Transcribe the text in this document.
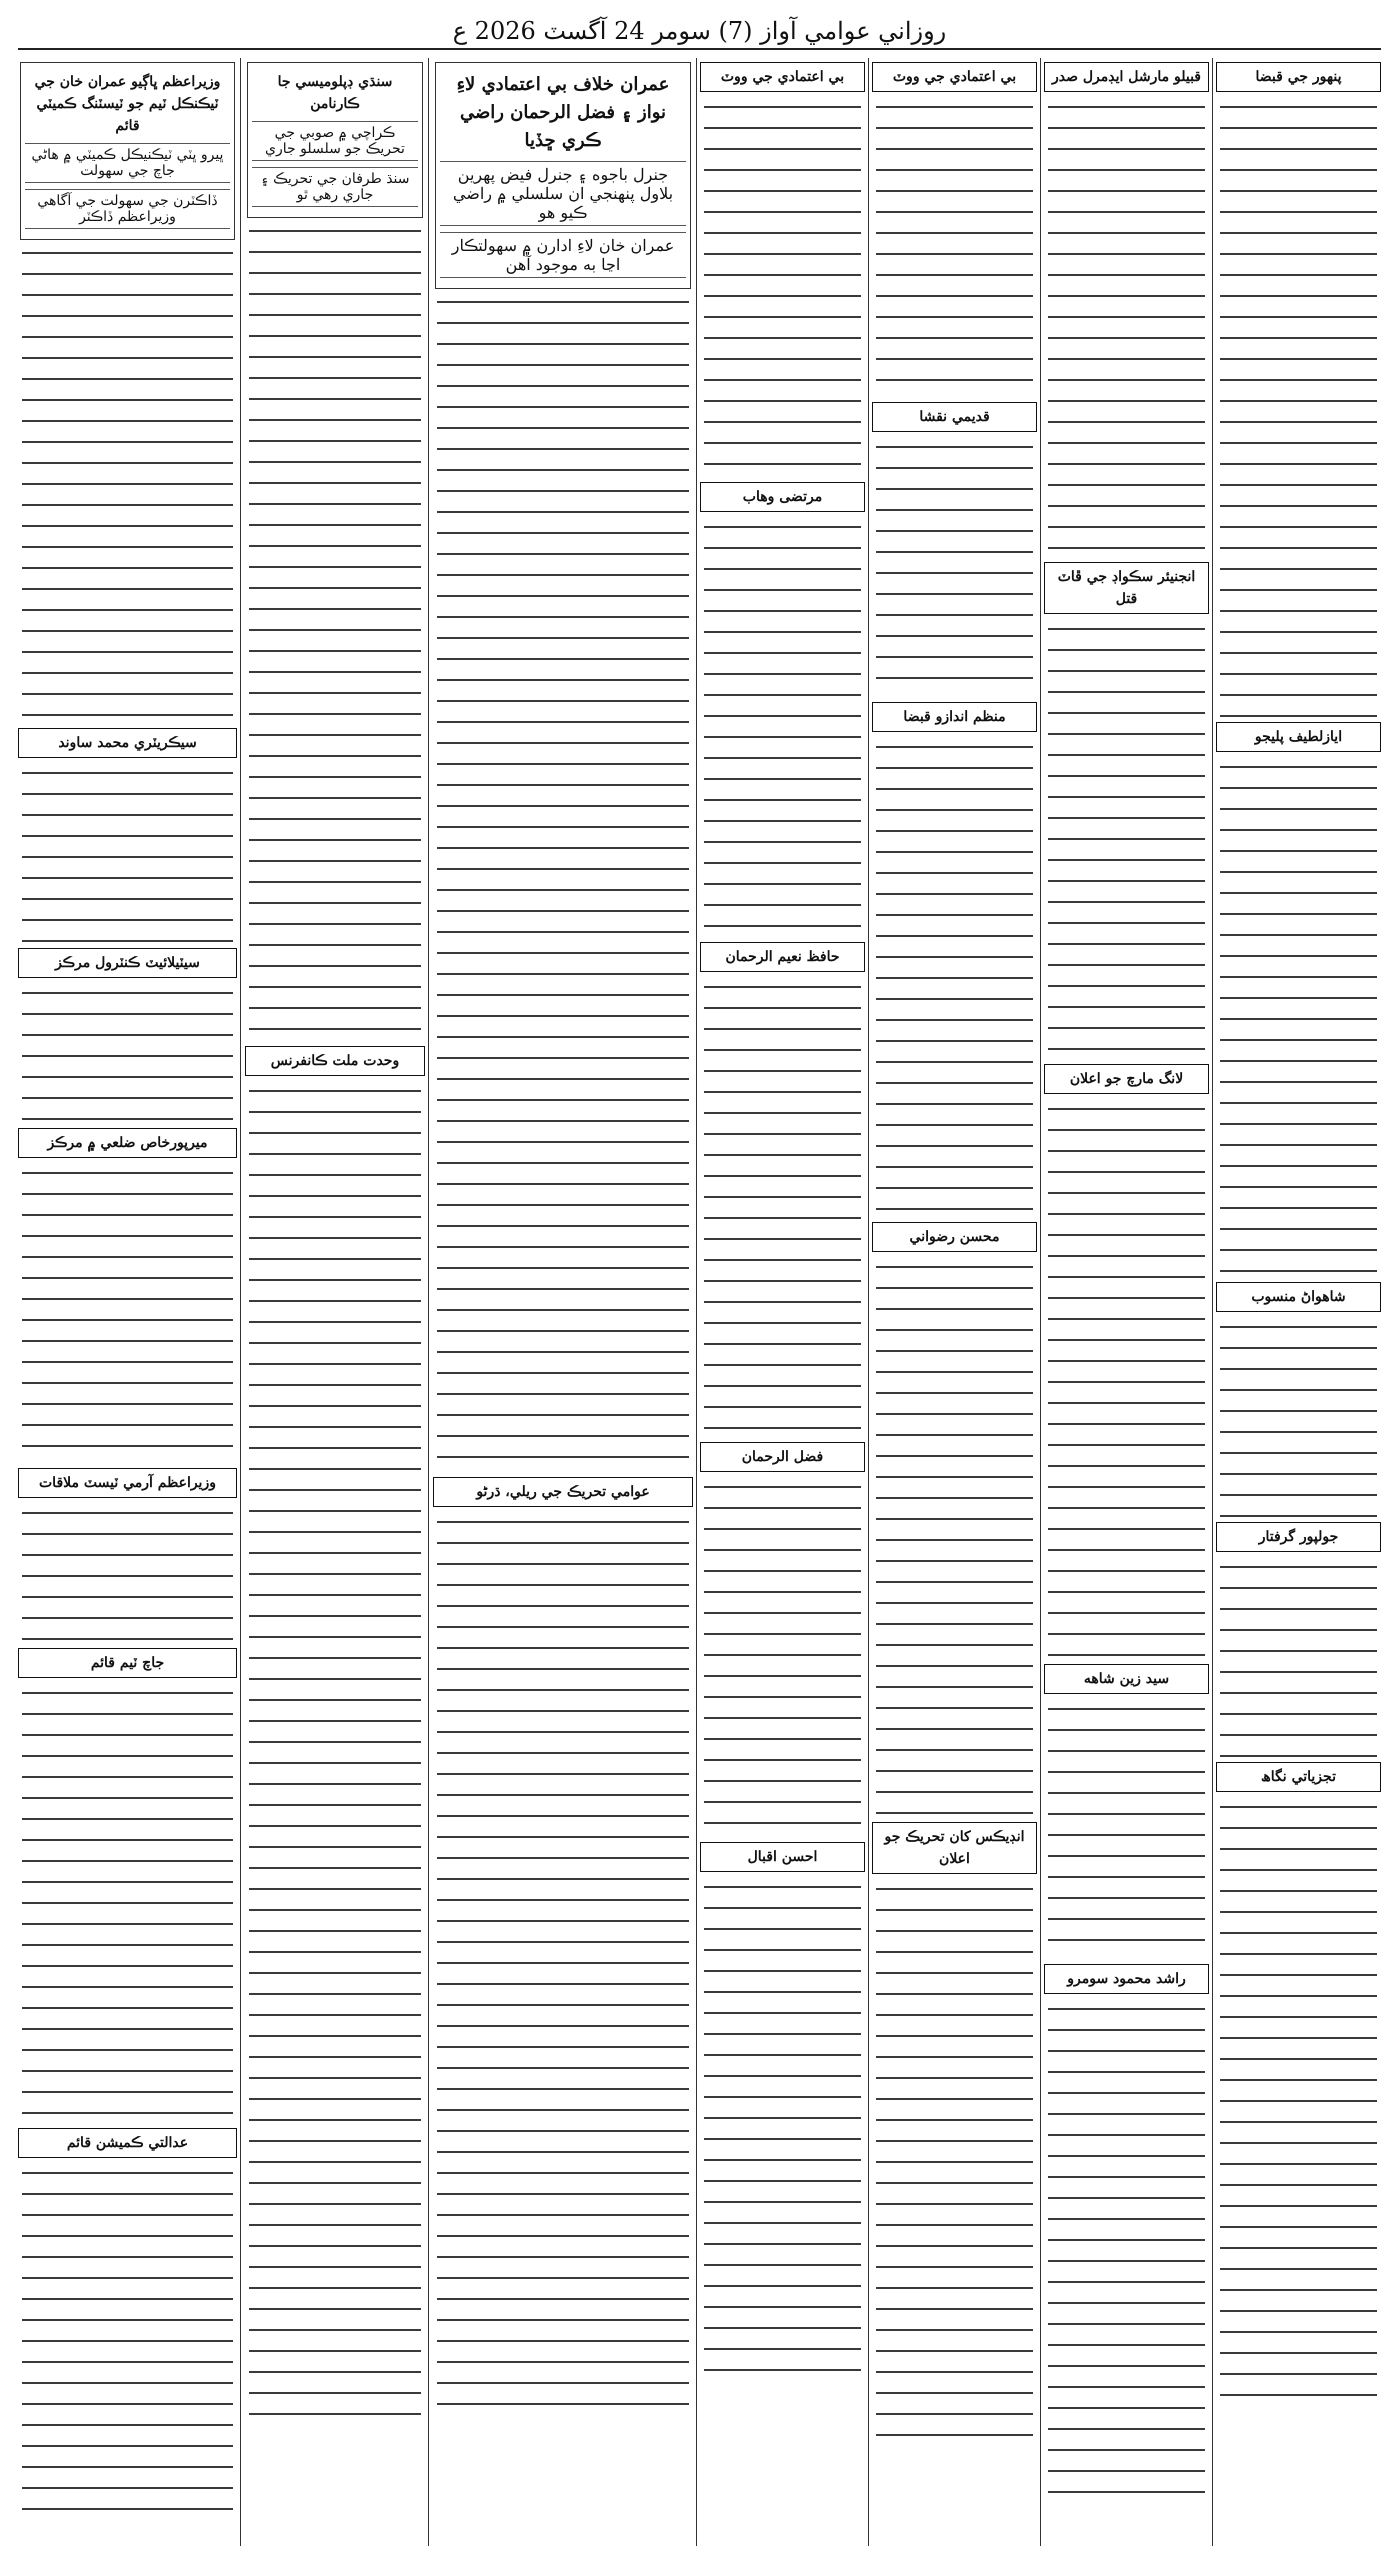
روزاني عوامي آواز (7) سومر 24 آگسٽ 2026 ع
پنهور جي قبضا
ايازلطيف پليجو
شاهواڻ منسوب
جولپور گرفتار
تجزياتي نگاھ
قبيلو مارشل ايڊمرل صدر
انجنيئر سڪواڊ جي ڦاٽ قتل
لانگ مارچ جو اعلان
سيد زين شاهه
راشد محمود سومرو
بي اعتمادي جي ووٽ
قديمي نقشا
منظم اندازو قبضا
محسن رضواني
انڊيڪس کان تحريڪ جو اعلان
بي اعتمادي جي ووٽ
مرتضى وهاب
حافظ نعيم الرحمان
فضل الرحمان
احسن اقبال
عمران خلاف بي اعتمادي لاءِ نواز ۽ فضل الرحمان راضي ڪري ڇڏيا
جنرل باجوه ۽ جنرل فيض پهرين بلاول پنهنجي ان سلسلي ۾ راضي ڪيو هو
عمران خان لاءِ ادارن ۾ سهولتڪار اڃا به موجود آهن
عوامي تحريڪ جي ريلي، ڌرڻو
سنڌي ڊپلوميسي جا ڪارنامن
ڪراچي ۾ صوبي جي تحريڪ جو سلسلو جاري
سنڌ طرفان جي تحريڪ ۽ جاري رهي ٿو
وحدت ملت ڪانفرنس
وزيراعظم ڀاڳيو عمران خان جي ٽيڪنڪل ٽيم جو ٽيسٽنگ ڪميٽي قائم
ڀيرو ڀٽي ٽيڪنيڪل ڪميٽي ۾ هاڻي جاچ جي سهولت
ڏاڪٽرن جي سهولت جي آگاهي وزيراعظم ڏاڪٽر
سيڪريٽري محمد ساوند
سيٽيلائيٽ ڪنٽرول مرڪز
ميرپورخاص ضلعي ۾ مرڪز
وزيراعظم آرمي ٽيسٽ ملاقات
جاچ ٽيم قائم
عدالتي ڪميشن قائم
